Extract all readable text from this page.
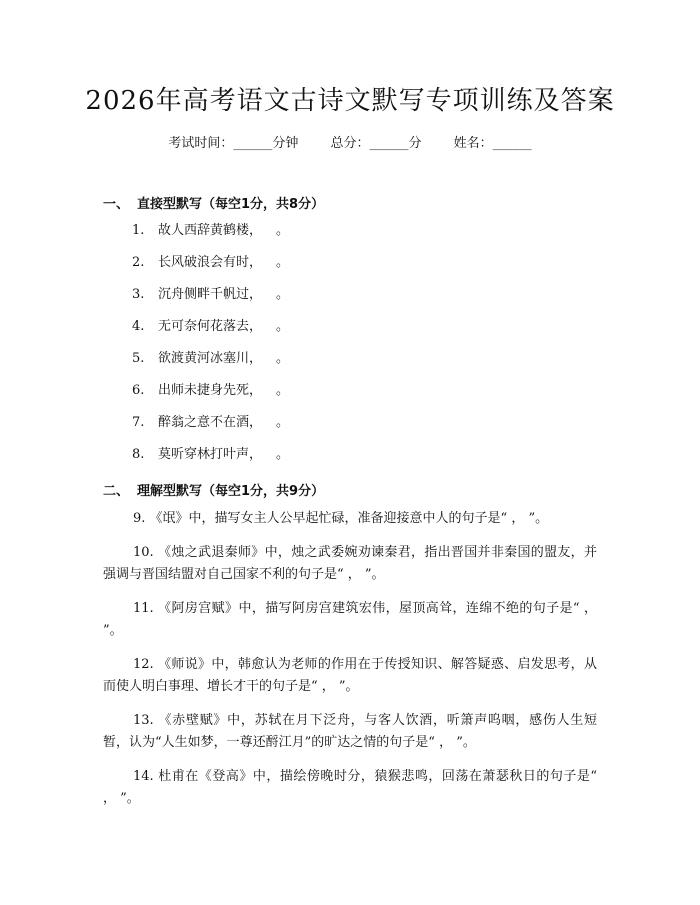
2026年高考语文古诗文默写专项训练及答案
考试时间：______分钟 总分：______分 姓名：______
一、 直接型默写（每空1分，共8分）
1. 故人西辞黄鹤楼， 。
2. 长风破浪会有时， 。
3. 沉舟侧畔千帆过， 。
4. 无可奈何花落去， 。
5. 欲渡黄河冰塞川， 。
6. 出师未捷身先死， 。
7. 醉翁之意不在酒， 。
8. 莫听穿林打叶声， 。
二、 理解型默写（每空1分，共9分）
9. 《氓》中，描写女主人公早起忙碌，准备迎接意中人的句子是“ ， ”。
10. 《烛之武退秦师》中，烛之武委婉劝谏秦君，指出晋国并非秦国的盟友，并强调与晋国结盟对自己国家不利的句子是“ ， ”。
11. 《阿房宫赋》中，描写阿房宫建筑宏伟，屋顶高耸，连绵不绝的句子是“ ， ”。
12. 《师说》中，韩愈认为老师的作用在于传授知识、解答疑惑、启发思考，从而使人明白事理、增长才干的句子是“ ， ”。
13. 《赤壁赋》中，苏轼在月下泛舟，与客人饮酒，听箫声呜咽，感伤人生短暂，认为“人生如梦，一尊还酹江月”的旷达之情的句子是“ ， ”。
14. 杜甫在《登高》中，描绘傍晚时分，猿猴悲鸣，回荡在萧瑟秋日的句子是“ ， ”。
